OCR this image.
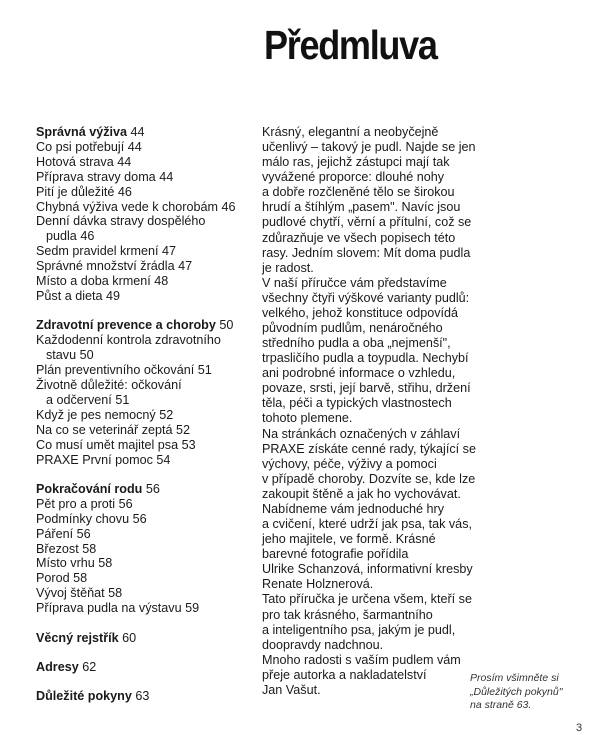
Předmluva
Správná výživa 44
Co psi potřebují 44
Hotová strava 44
Příprava stravy doma 44
Pití je důležité 46
Chybná výživa vede k chorobám 46
Denní dávka stravy dospělého
pudla 46
Sedm pravidel krmení 47
Správné množství žrádla 47
Místo a doba krmení 48
Půst a dieta 49
Zdravotní prevence a choroby 50
Každodenní kontrola zdravotního
stavu 50
Plán preventivního očkování 51
Životně důležité: očkování
a odčervení 51
Když je pes nemocný 52
Na co se veterinář zeptá 52
Co musí umět majitel psa 53
PRAXE První pomoc 54
Pokračování rodu 56
Pět pro a proti 56
Podmínky chovu 56
Páření 56
Březost 58
Místo vrhu 58
Porod 58
Vývoj štěňat 58
Příprava pudla na výstavu 59
Věcný rejstřík 60
Adresy 62
Důležité pokyny 63
Krásný, elegantní a neobyčejně
učenlivý – takový je pudl. Najde se jen
málo ras, jejichž zástupci mají tak
vyvážené proporce: dlouhé nohy
a dobře rozčleněné tělo se širokou
hrudí a štíhlým „pasem". Navíc jsou
pudlové chytří, věrní a přítulní, což se
zdůrazňuje ve všech popisech této
rasy. Jedním slovem: Mít doma pudla
je radost.
V naší příručce vám představíme
všechny čtyři výškové varianty pudlů:
velkého, jehož konstituce odpovídá
původním pudlům, nenáročného
středního pudla a oba „nejmenší",
trpasličího pudla a toypudla. Nechybí
ani podrobné informace o vzhledu,
povaze, srsti, její barvě, střihu, držení
těla, péči a typických vlastnostech
tohoto plemene.
Na stránkách označených v záhlaví
PRAXE získáte cenné rady, týkající se
výchovy, péče, výživy a pomoci
v případě choroby. Dozvíte se, kde lze
zakoupit štěně a jak ho vychovávat.
Nabídneme vám jednoduché hry
a cvičení, které udrží jak psa, tak vás,
jeho majitele, ve formě. Krásné
barevné fotografie pořídila
Ulrike Schanzová, informativní kresby
Renate Holznerová.
Tato příručka je určena všem, kteří se
pro tak krásného, šarmantního
a inteligentního psa, jakým je pudl,
doopravdy nadchnou.
Mnoho radosti s vaším pudlem vám
přeje autorka a nakladatelství
Jan Vašut.
Prosím všimněte si
„Důležitých pokynů"
na straně 63.
3
